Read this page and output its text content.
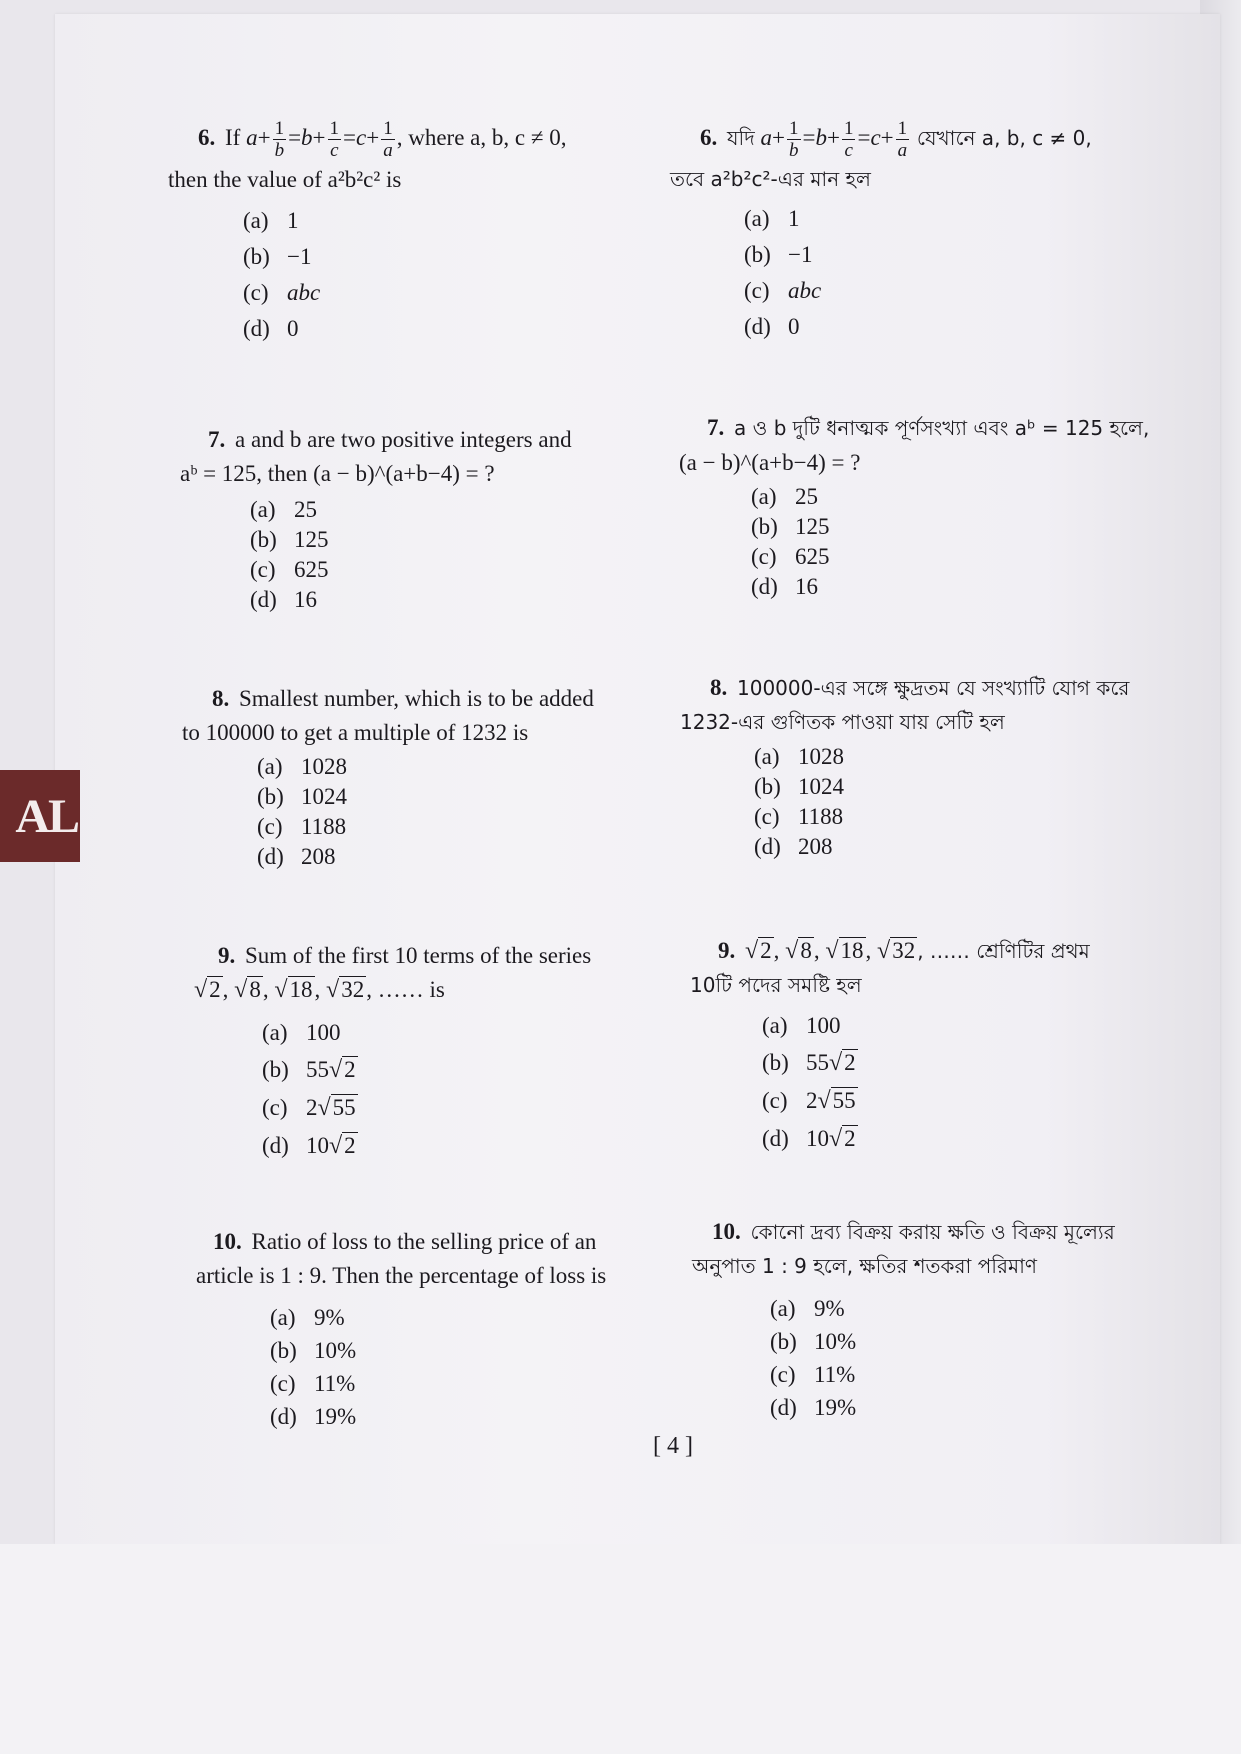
AL
6. If $a+ \frac{1}{b} =b+ \frac{1}{c} =c+ \frac{1}{a}$ , where a, b, c ≠ 0,
then the value of a²b²c² is
(a) 1
(b) −1
(c) abc
(d) 0
7. a and b are two positive integers and
aᵇ = 125, then (a − b)^(a+b−4) = ?
(a) 25
(b) 125
(c) 625
(d) 16
8. Smallest number, which is to be added
to 100000 to get a multiple of 1232 is
(a) 1028
(b) 1024
(c) 1188
(d) 208
9. Sum of the first 10 terms of the series
√2, √8, √18, √32, …… is
(a) 100
(b) 55√2
(c) 2√55
(d) 10√2
10. Ratio of loss to the selling price of an
article is 1 : 9. Then the percentage of loss is
(a) 9%
(b) 10%
(c) 11%
(d) 19%
6. যদি $a+ \frac{1}{b} =b+ \frac{1}{c} =c+ \frac{1}{a}$ যেখানে a, b, c ≠ 0,
তবে a²b²c²-এর মান হল
(a) 1
(b) −1
(c) abc
(d) 0
7. a ও b দুটি ধনাত্মক পূর্ণসংখ্যা এবং aᵇ = 125 হলে,
(a − b)^(a+b−4) = ?
(a) 25
(b) 125
(c) 625
(d) 16
8. 100000-এর সঙ্গে ক্ষুদ্রতম যে সংখ্যাটি যোগ করে
1232-এর গুণিতক পাওয়া যায় সেটি হল
(a) 1028
(b) 1024
(c) 1188
(d) 208
9. √2, √8, √18, √32 , …… শ্রেণিটির প্রথম
10টি পদের সমষ্টি হল
(a) 100
(b) 55√2
(c) 2√55
(d) 10√2
10. কোনো দ্রব্য বিক্রয় করায় ক্ষতি ও বিক্রয় মূল্যের
অনুপাত 1 : 9 হলে, ক্ষতির শতকরা পরিমাণ
(a) 9%
(b) 10%
(c) 11%
(d) 19%
[ 4 ]
